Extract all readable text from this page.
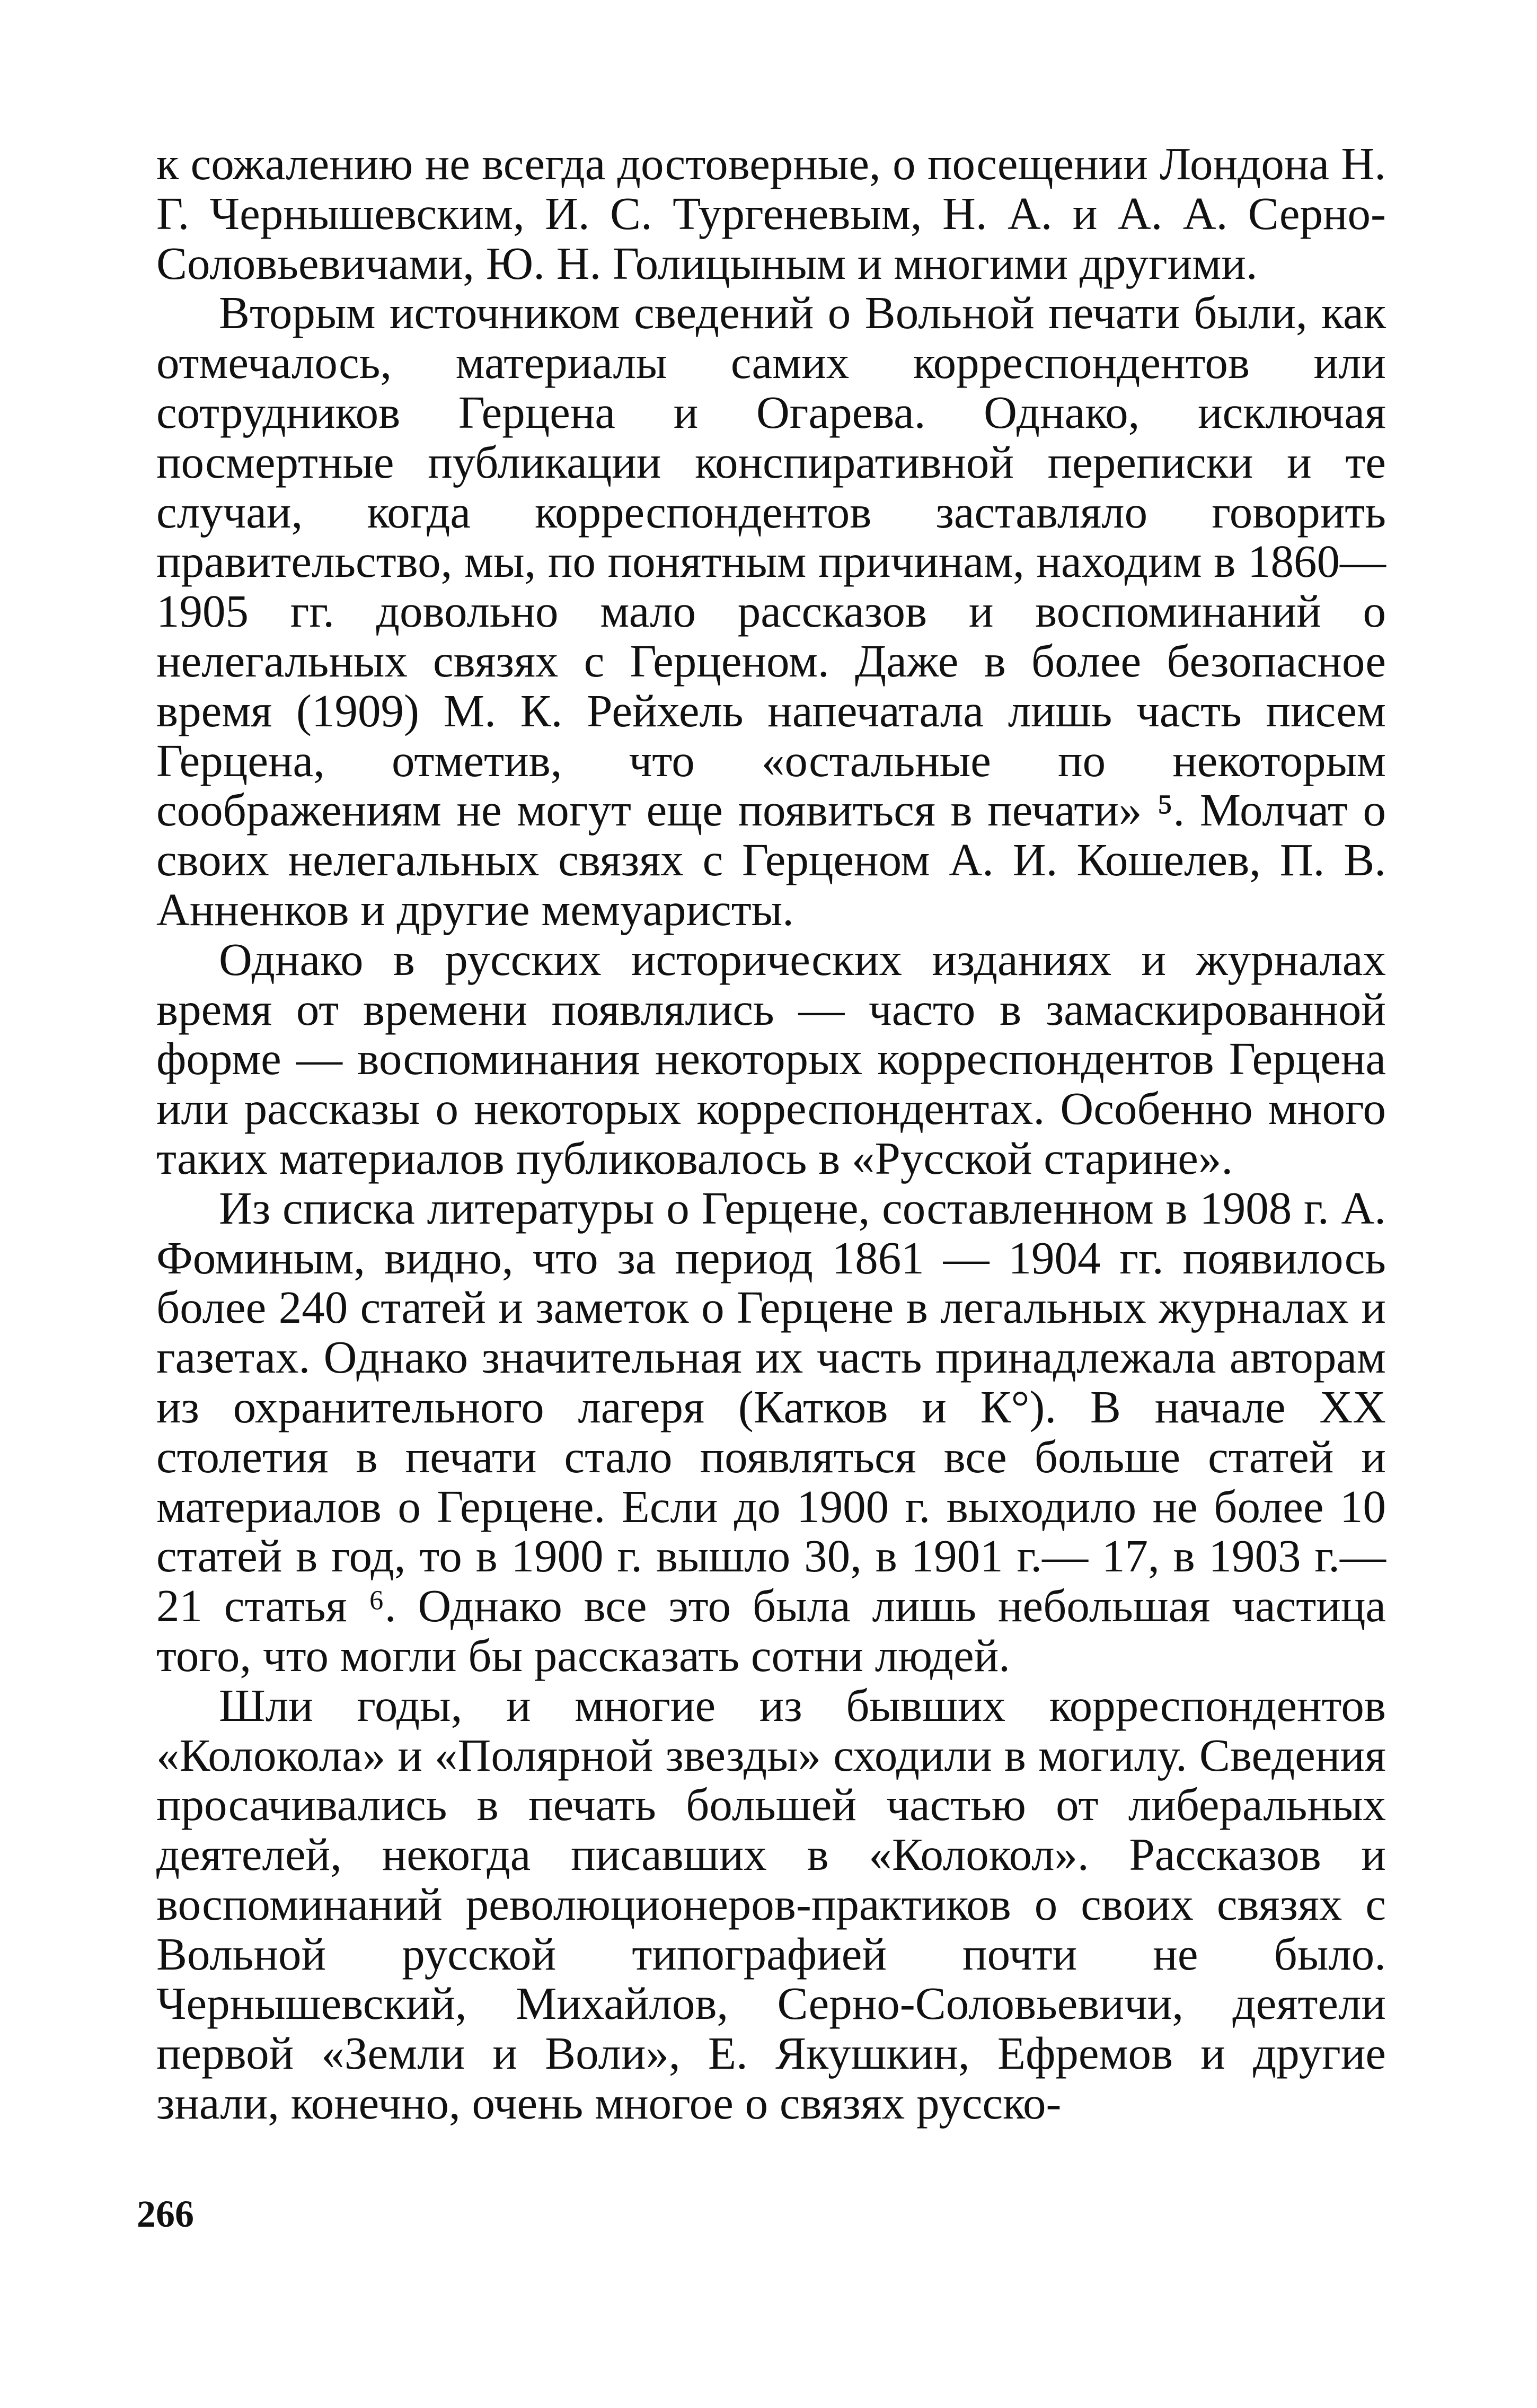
к сожалению не всегда достоверные, о посещении Лондона Н. Г. Чернышевским, И. С. Тургеневым, Н. А. и А. А. Серно-Соловьевичами, Ю. Н. Голицыным и многими другими.

Вторым источником сведений о Вольной печати были, как отмечалось, материалы самих корреспондентов или сотрудников Герцена и Огарева. Однако, исключая посмертные публикации конспиративной переписки и те случаи, когда корреспондентов заставляло говорить правительство, мы, по понятным причинам, находим в 1860—1905 гг. довольно мало рассказов и воспоминаний о нелегальных связях с Герценом. Даже в более безопасное время (1909) М. К. Рейхель напечатала лишь часть писем Герцена, отметив, что «остальные по некоторым соображениям не могут еще появиться в печати» ⁵. Молчат о своих нелегальных связях с Герценом А. И. Кошелев, П. В. Анненков и другие мемуаристы.

Однако в русских исторических изданиях и журналах время от времени появлялись — часто в замаскированной форме — воспоминания некоторых корреспондентов Герцена или рассказы о некоторых корреспондентах. Особенно много таких материалов публиковалось в «Русской старине».

Из списка литературы о Герцене, составленном в 1908 г. А. Фоминым, видно, что за период 1861 — 1904 гг. появилось более 240 статей и заметок о Герцене в легальных журналах и газетах. Однако значительная их часть принадлежала авторам из охранительного лагеря (Катков и К°). В начале XX столетия в печати стало появляться все больше статей и материалов о Герцене. Если до 1900 г. выходило не более 10 статей в год, то в 1900 г. вышло 30, в 1901 г.— 17, в 1903 г.— 21 статья ⁶. Однако все это была лишь небольшая частица того, что могли бы рассказать сотни людей.

Шли годы, и многие из бывших корреспондентов «Колокола» и «Полярной звезды» сходили в могилу. Сведения просачивались в печать большей частью от либеральных деятелей, некогда писавших в «Колокол». Рассказов и воспоминаний революционеров-практиков о своих связях с Вольной русской типографией почти не было. Чернышевский, Михайлов, Серно-Соловьевичи, деятели первой «Земли и Воли», Е. Якушкин, Ефремов и другие знали, конечно, очень многое о связях русско-

266
